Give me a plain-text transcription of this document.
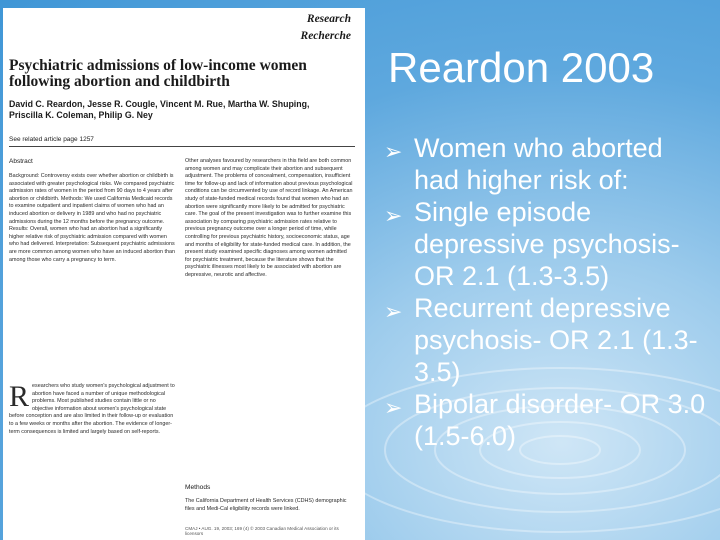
Research
Recherche
Psychiatric admissions of low-income women following abortion and childbirth
David C. Reardon, Jesse R. Cougle, Vincent M. Rue, Martha W. Shuping, Priscilla K. Coleman, Philip G. Ney
See related article page 1257
Abstract
Background: Controversy exists over whether abortion or childbirth is associated with greater psychological risks. We compared psychiatric admission rates of women in the period from 90 days to 4 years after abortion or childbirth. Methods: We used California Medicaid records to examine outpatient and inpatient claims of women who had an induced abortion or delivery in 1989 and who had no psychiatric admissions during the 12 months before the pregnancy outcome. Results: Overall, women who had an abortion had a significantly higher relative risk of psychiatric admission compared with women who had delivered. Interpretation: Subsequent psychiatric admissions are more common among women who have an induced abortion than among those who carry a pregnancy to term.
Other analyses favoured by researchers in this field are both common among women and may complicate their abortion and subsequent adjustment. The problems of concealment, compensation, insufficient time for follow-up and lack of information about previous psychological conditions can be circumvented by use of record linkage. An American study of state-funded medical records found that women who had an abortion were significantly more likely to be admitted for psychiatric care. The goal of the present investigation was to further examine this association by comparing psychiatric admission rates relative to previous pregnancy outcome over a longer period of time, while controlling for previous psychiatric history, socioeconomic status, age and months of eligibility for state-funded medical care. In addition, the present study examined specific diagnoses among women admitted for psychiatric treatment, because the literature shows that the psychiatric illnesses most likely to be associated with abortion are depressive, neurotic and affective.
R esearchers who study women's psychological adjustment to abortion have faced a number of unique methodological problems. Most published studies contain little or no objective information about women's psychological state before conception and are also limited in their follow-up or evaluation to a few weeks or months after the abortion. The evidence of longer-term consequences is limited and largely based on self-reports.
Methods
The California Department of Health Services (CDHS) demographic files and Medi-Cal eligibility records were linked.
CMAJ • AUG. 19, 2003; 169 (4) © 2003 Canadian Medical Association or its licensors
Reardon 2003
➢ Women who aborted had higher risk of:
➢ Single episode depressive psychosis- OR 2.1 (1.3-3.5)
➢ Recurrent depressive psychosis- OR 2.1 (1.3-3.5)
➢ Bipolar disorder- OR 3.0 (1.5-6.0)
